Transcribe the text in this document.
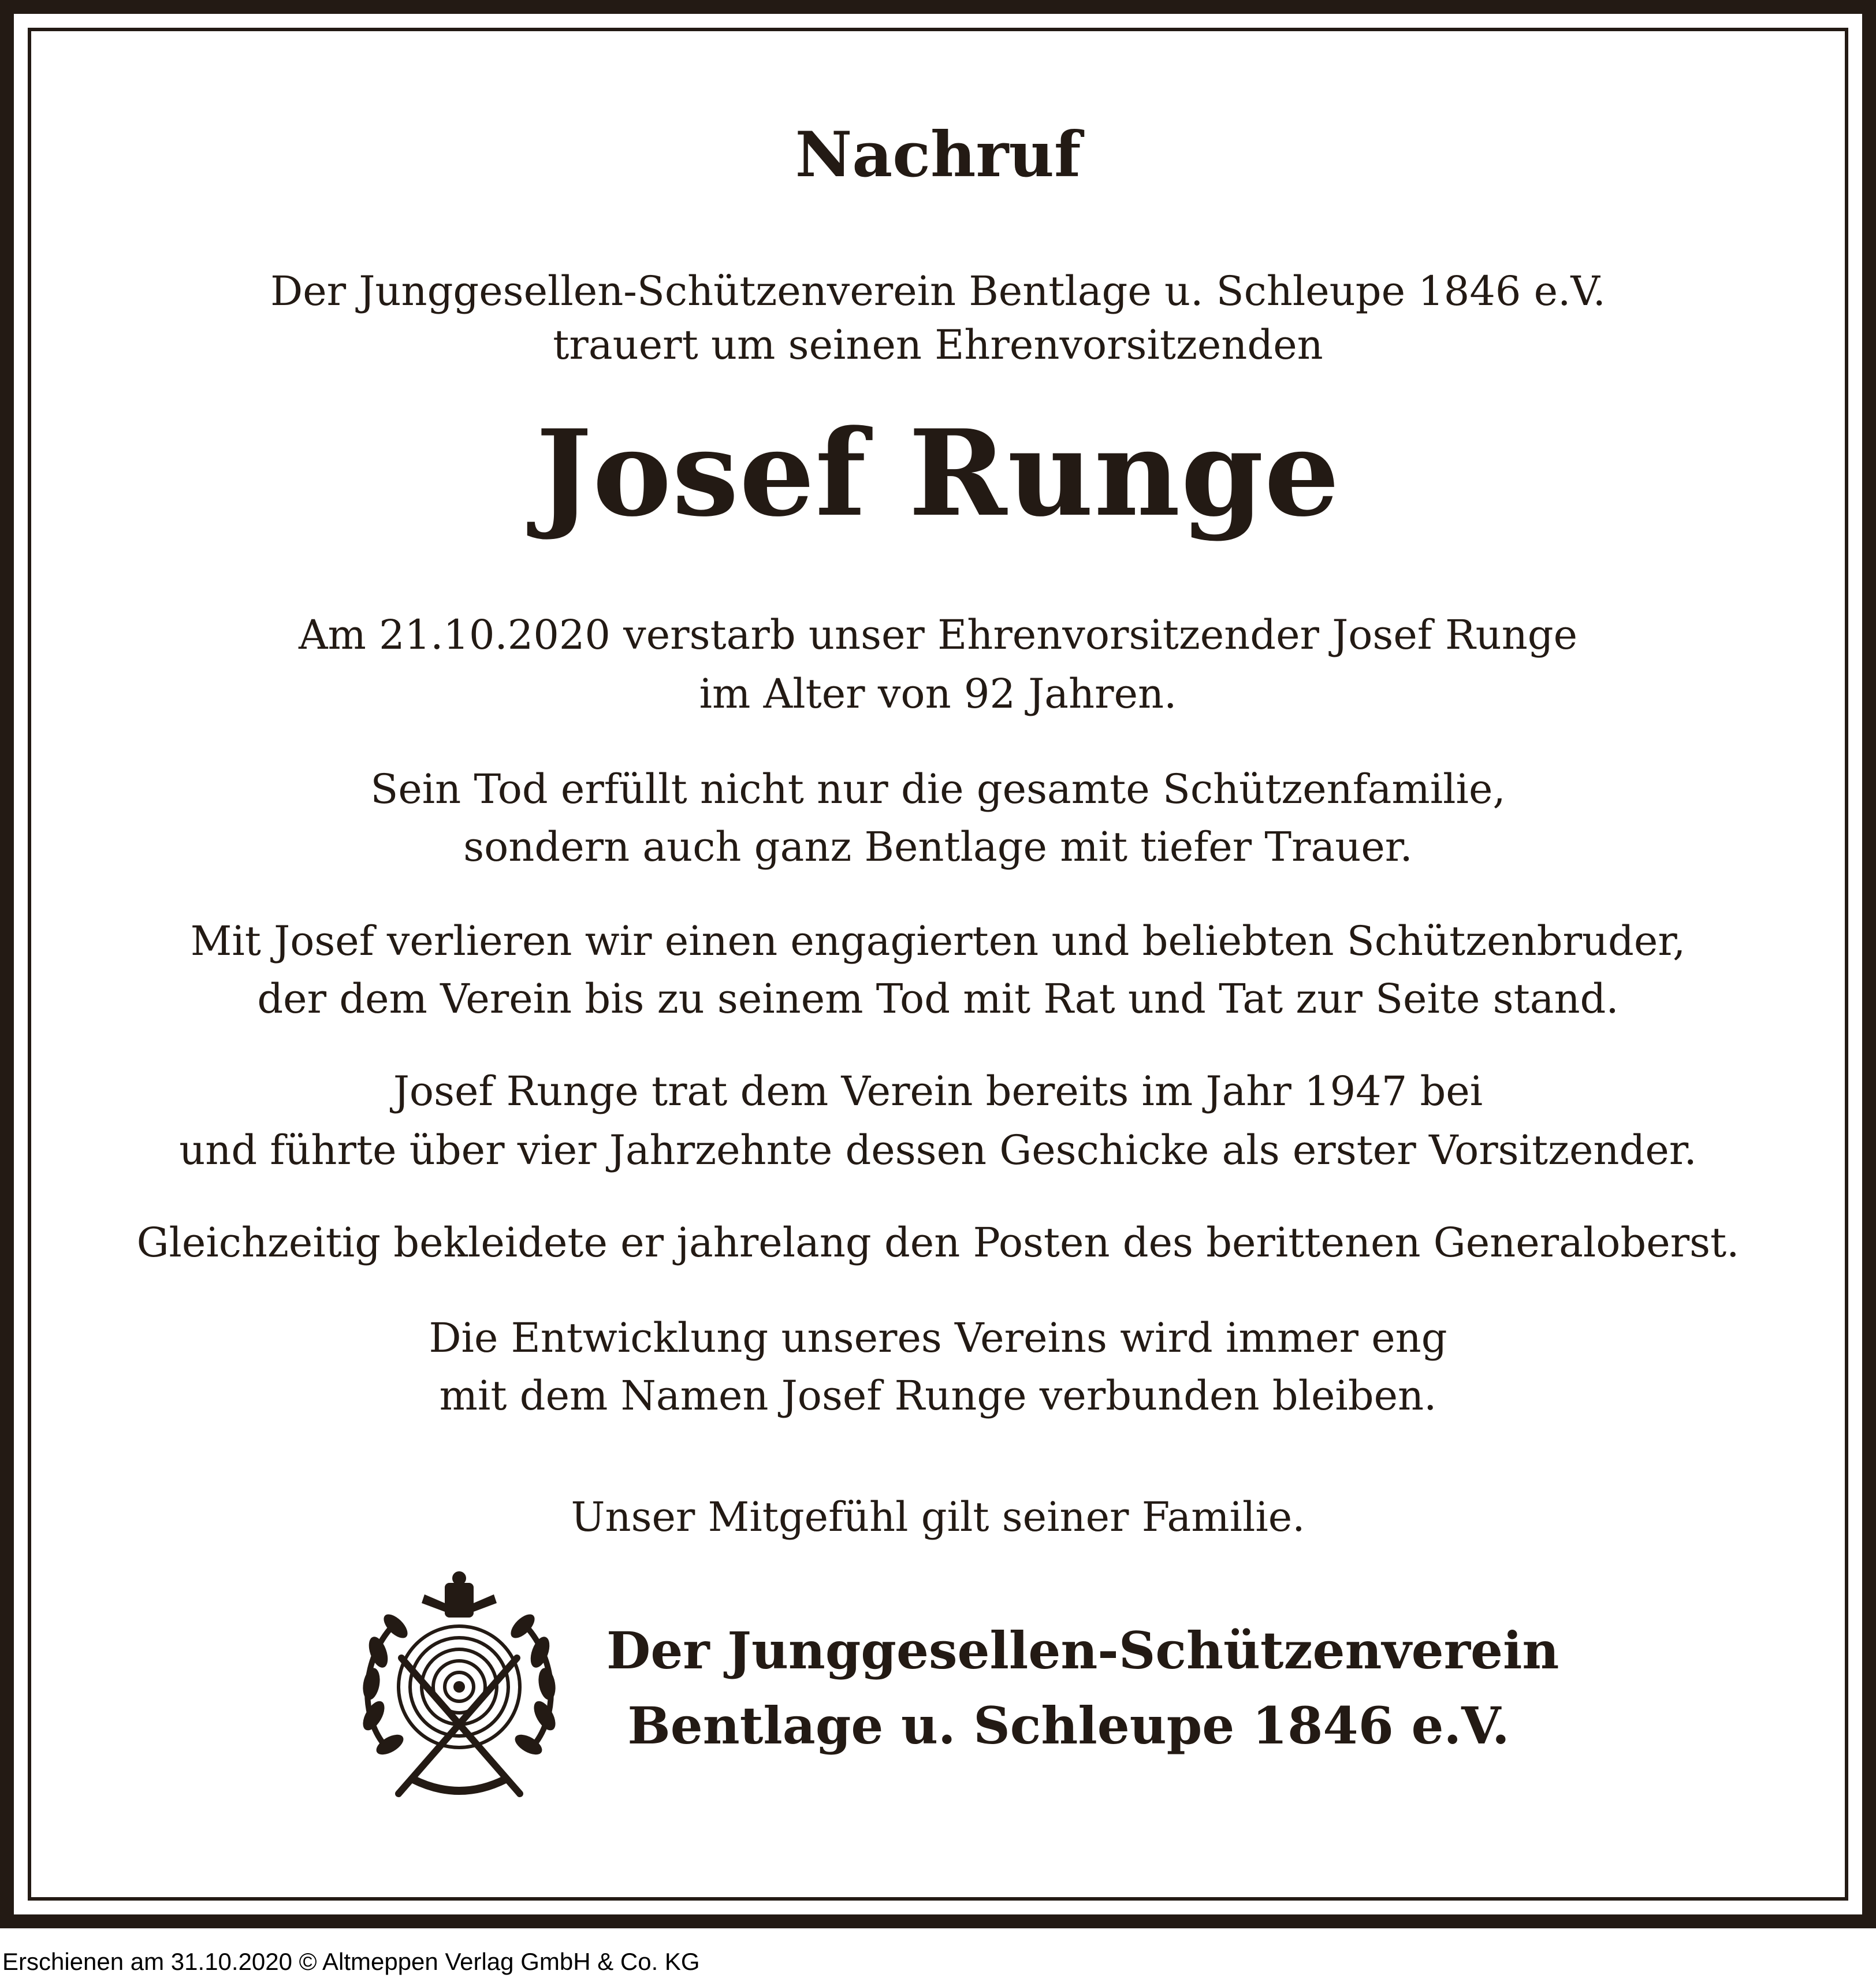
Nachruf
Der Junggesellen-Schützenverein Bentlage u. Schleupe 1846 e.V.
trauert um seinen Ehrenvorsitzenden
Josef Runge
Am 21.10.2020 verstarb unser Ehrenvorsitzender Josef Runge
im Alter von 92 Jahren.
Sein Tod erfüllt nicht nur die gesamte Schützenfamilie,
sondern auch ganz Bentlage mit tiefer Trauer.
Mit Josef verlieren wir einen engagierten und beliebten Schützenbruder,
der dem Verein bis zu seinem Tod mit Rat und Tat zur Seite stand.
Josef Runge trat dem Verein bereits im Jahr 1947 bei
und führte über vier Jahrzehnte dessen Geschicke als erster Vorsitzender.
Gleichzeitig bekleidete er jahrelang den Posten des berittenen Generaloberst.
Die Entwicklung unseres Vereins wird immer eng
mit dem Namen Josef Runge verbunden bleiben.
Unser Mitgefühl gilt seiner Familie.
Der Junggesellen-Schützenverein
Bentlage u. Schleupe 1846 e.V.
Erschienen am 31.10.2020 © Altmeppen Verlag GmbH & Co. KG
